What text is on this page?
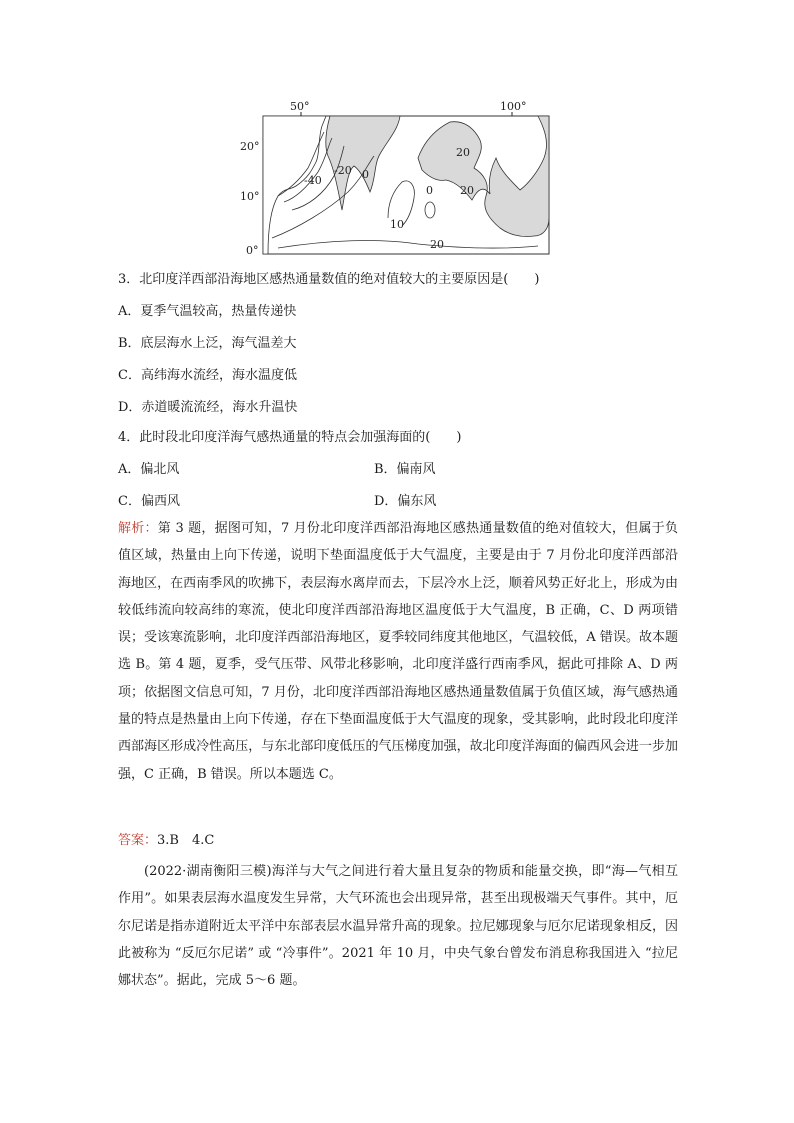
50°	100°
20°
10°
0°
-40
-20 0
20
20
0
10
20
3．北印度洋西部沿海地区感热通量数值的绝对值较大的主要原因是(　　)
A．夏季气温较高，热量传递快
B．底层海水上泛，海气温差大
C．高纬海水流经，海水温度低
D．赤道暖流流经，海水升温快
4．此时段北印度洋海气感热通量的特点会加强海面的(　　)
A．偏北风	B．偏南风
C．偏西风	D．偏东风
解析：第 3 题，据图可知，7 月份北印度洋西部沿海地区感热通量数值的绝对值较大，但属于负值区域，热量由上向下传递，说明下垫面温度低于大气温度，主要是由于 7 月份北印度洋西部沿海地区，在西南季风的吹拂下，表层海水离岸而去，下层冷水上泛，顺着风势正好北上，形成为由较低纬流向较高纬的寒流，使北印度洋西部沿海地区温度低于大气温度，B 正确，C、D 两项错误；受该寒流影响，北印度洋西部沿海地区，夏季较同纬度其他地区，气温较低，A 错误。故本题选 B。第 4 题，夏季，受气压带、风带北移影响，北印度洋盛行西南季风，据此可排除 A、D 两项；依据图文信息可知，7 月份，北印度洋西部沿海地区感热通量数值属于负值区域，海气感热通量的特点是热量由上向下传递，存在下垫面温度低于大气温度的现象，受其影响，此时段北印度洋西部海区形成冷性高压，与东北部印度低压的气压梯度加强，故北印度洋海面的偏西风会进一步加强，C 正确，B 错误。所以本题选 C。
答案：3.B　4.C
(2022·湖南衡阳三模)海洋与大气之间进行着大量且复杂的物质和能量交换，即“海—气相互作用”。如果表层海水温度发生异常，大气环流也会出现异常，甚至出现极端天气事件。其中，厄尔尼诺是指赤道附近太平洋中东部表层水温异常升高的现象。拉尼娜现象与厄尔尼诺现象相反，因此被称为 “反厄尔尼诺” 或 “冷事件”。2021 年 10 月，中央气象台曾发布消息称我国进入 “拉尼娜状态”。据此，完成 5～6 题。
